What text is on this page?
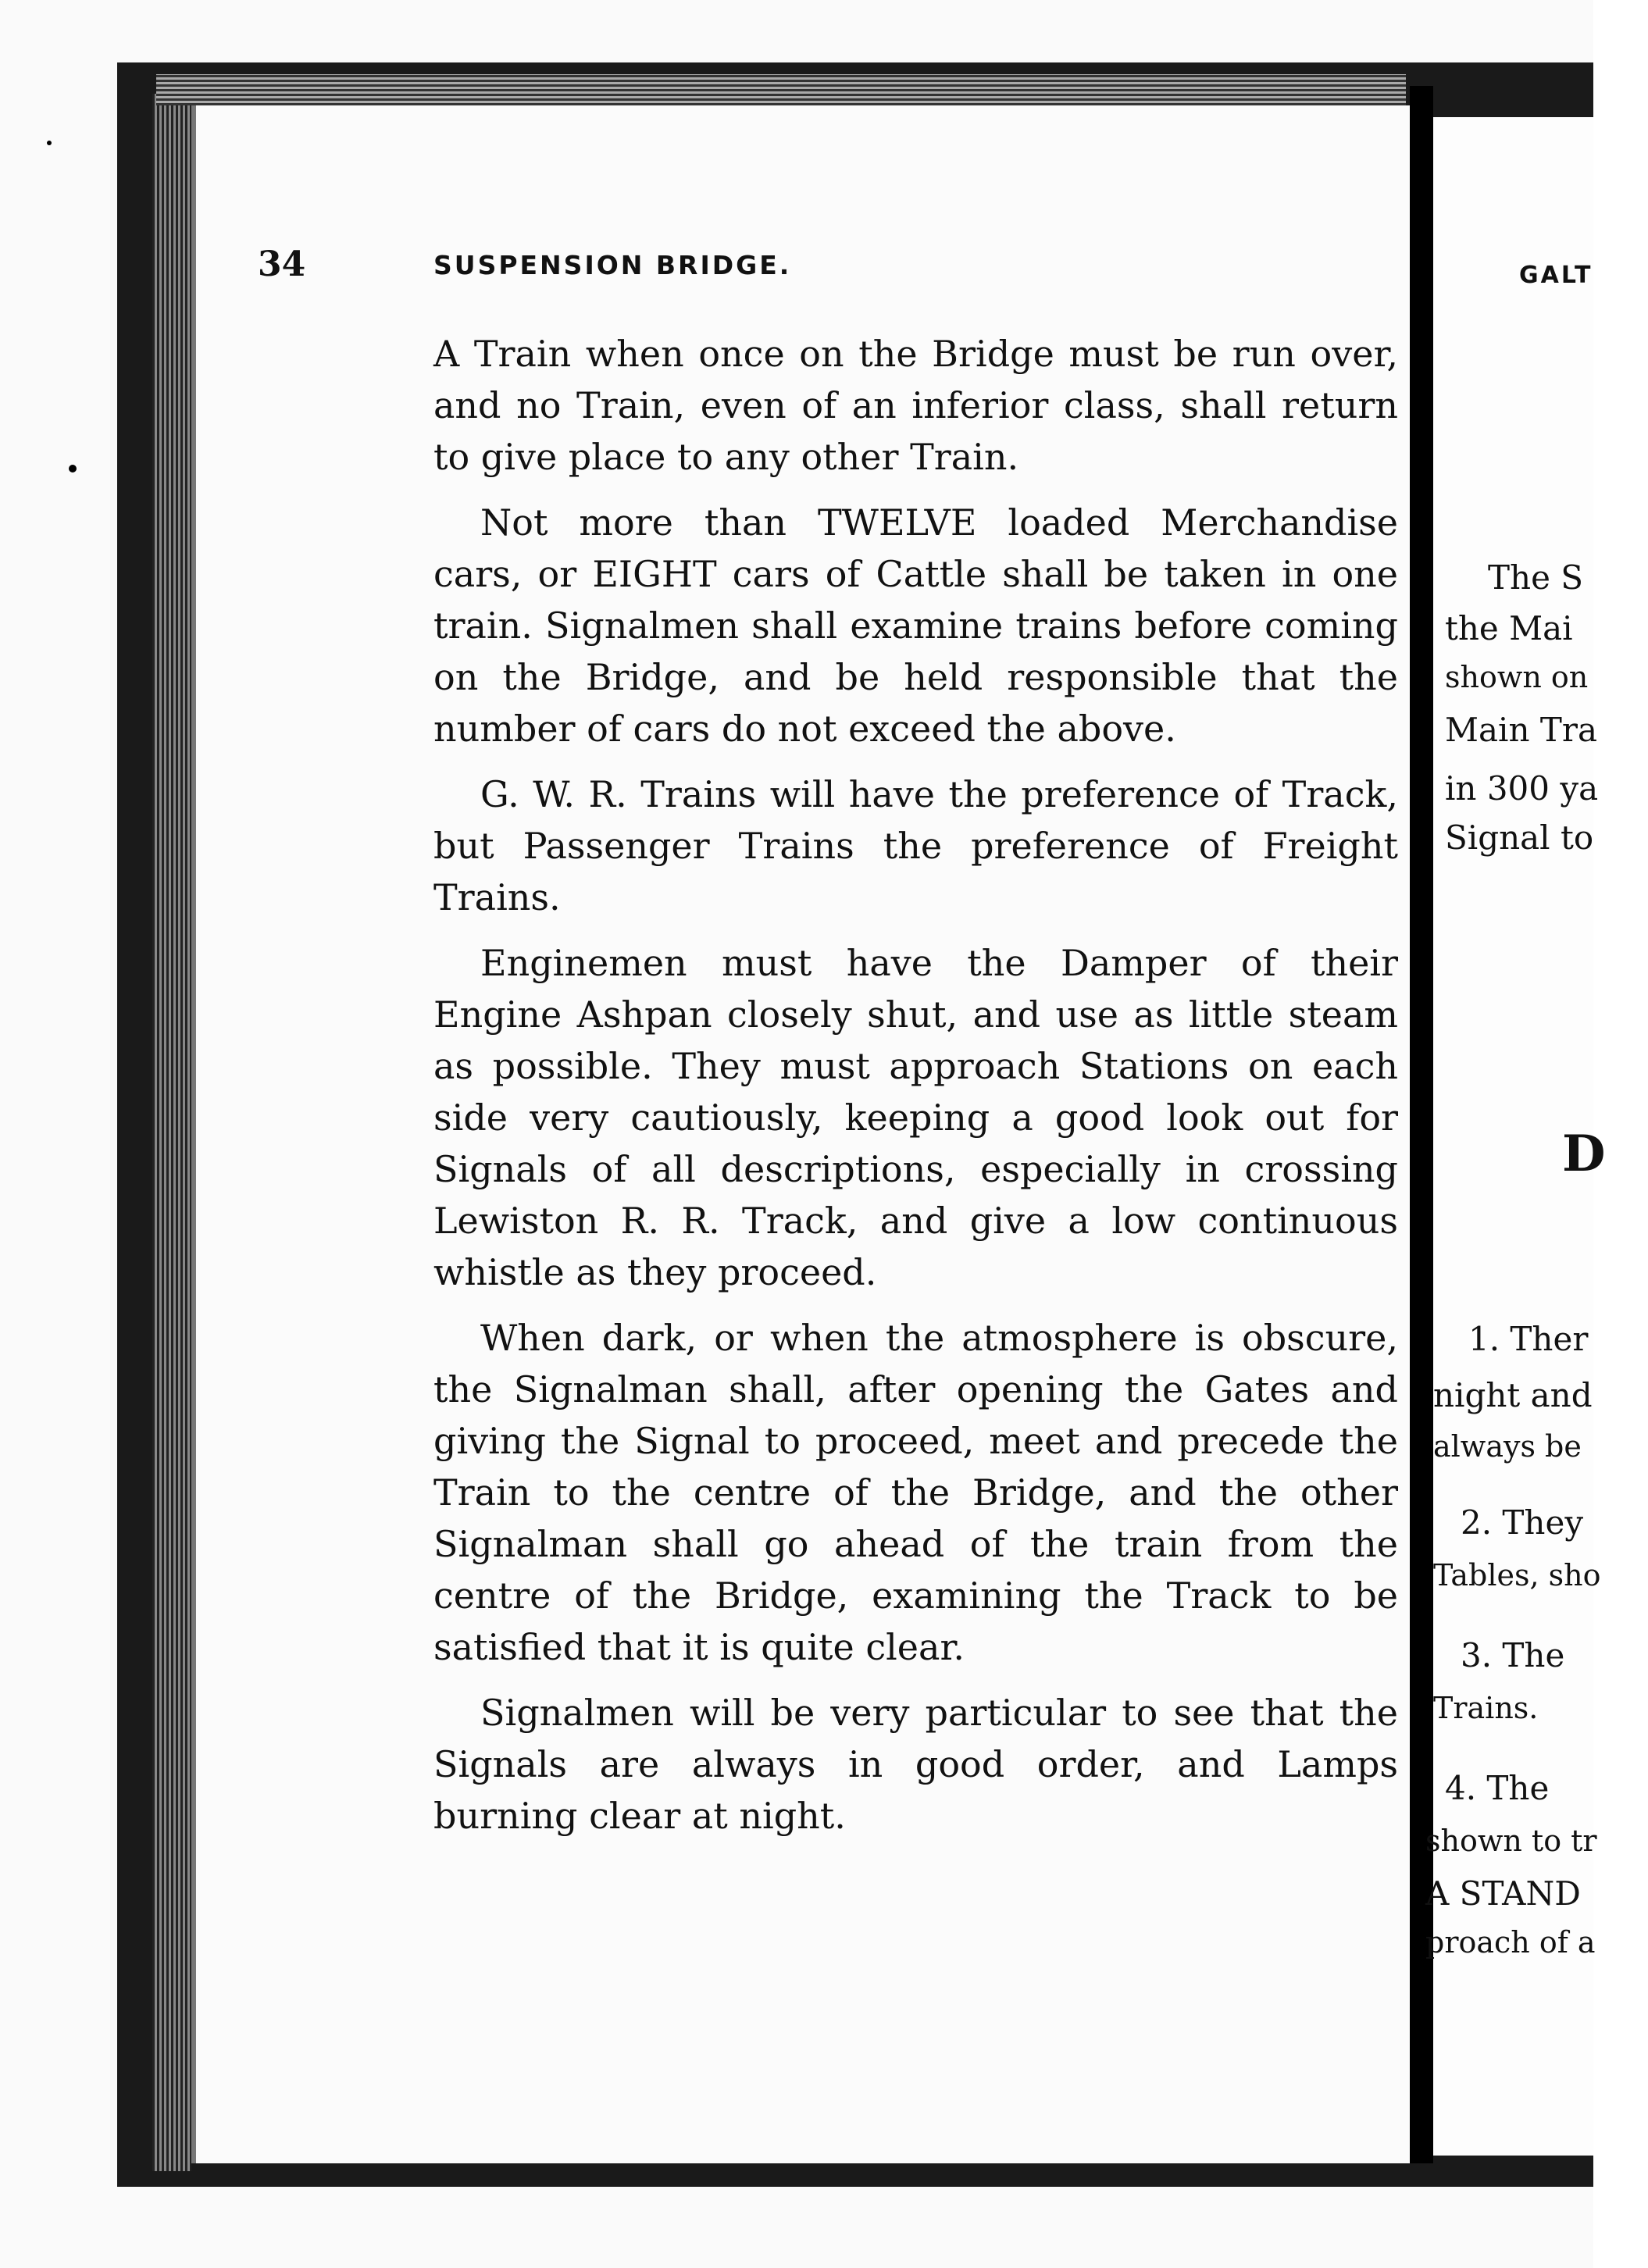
34	SUSPENSION BRIDGE.

A Train when once on the Bridge must be run over, and no Train, even of an inferior class, shall return to give place to any other Train.

Not more than TWELVE loaded Merchandise cars, or EIGHT cars of Cattle shall be taken in one train. Signalmen shall examine trains before coming on the Bridge, and be held responsible that the number of cars do not exceed the above.

G. W. R. Trains will have the preference of Track, but Passenger Trains the preference of Freight Trains.

Enginemen must have the Damper of their Engine Ashpan closely shut, and use as little steam as possible. They must approach Stations on each side very cautiously, keeping a good look out for Signals of all descriptions, especially in crossing Lewiston R. R. Track, and give a low continuous whistle as they proceed.

When dark, or when the atmosphere is obscure, the Signalman shall, after opening the Gates and giving the Signal to proceed, meet and precede the Train to the centre of the Bridge, and the other Signalman shall go ahead of the train from the centre of the Bridge, examining the Track to be satisfied that it is quite clear.

Signalmen will be very particular to see that the Signals are always in good order, and Lamps burning clear at night.

GALT
The S
the Mai
shown on
Main Tra
in 300 ya
Signal to
D
1. Ther
night and
always be
2. They
Tables, sho
3. The
Trains.
4. The
shown to tr
A STAND
proach of a
